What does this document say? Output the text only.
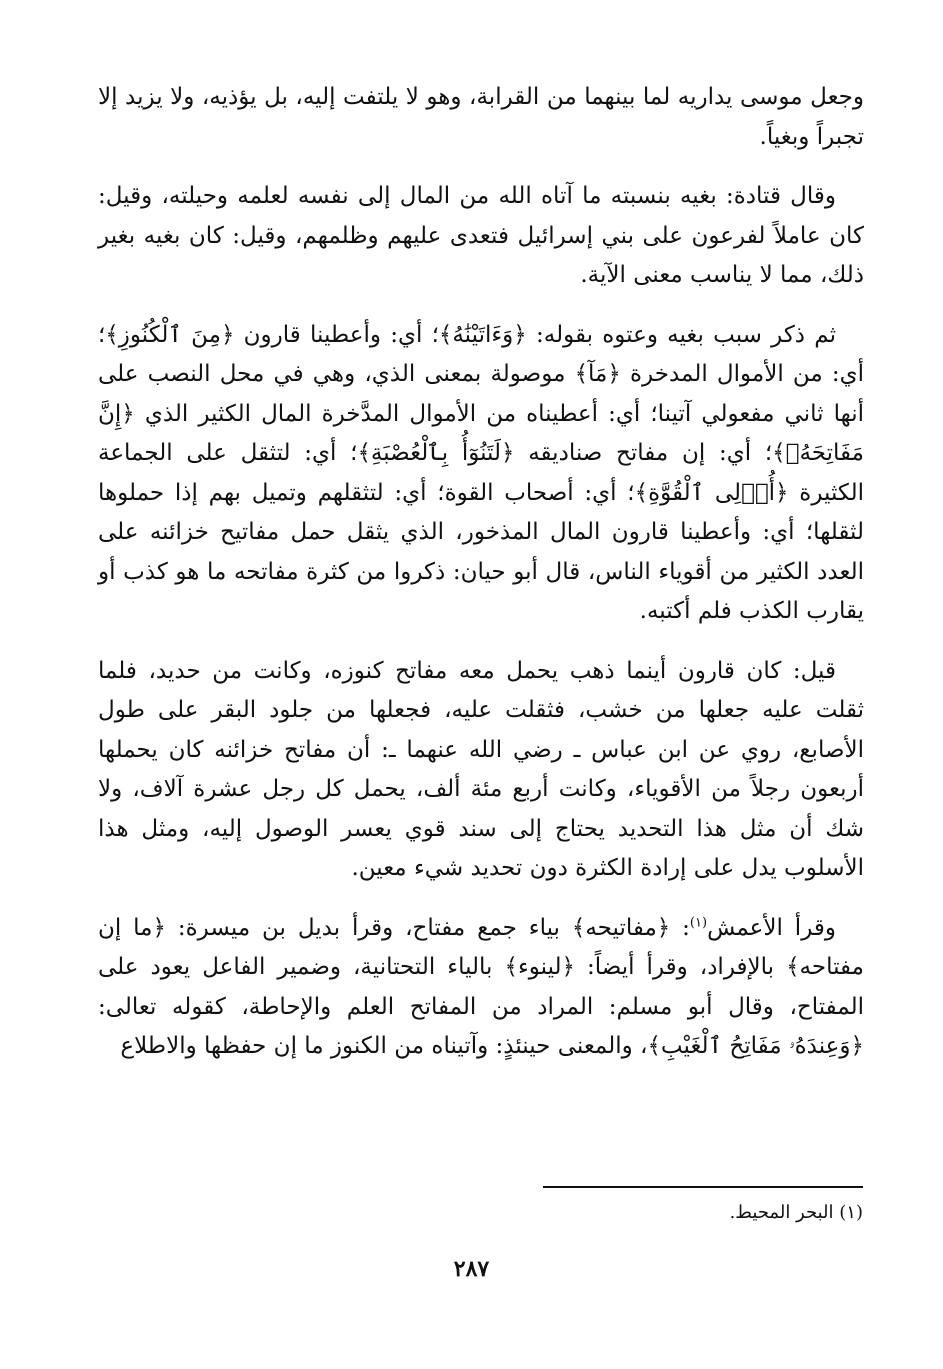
وجعل موسى يداريه لما بينهما من القرابة، وهو لا يلتفت إليه، بل يؤذيه، ولا يزيد إلا تجبراً وبغياً.

وقال قتادة: بغيه بنسبته ما آتاه الله من المال إلى نفسه لعلمه وحيلته، وقيل: كان عاملاً لفرعون على بني إسرائيل فتعدى عليهم وظلمهم، وقيل: كان بغيه بغير ذلك، مما لا يناسب معنى الآية.

ثم ذكر سبب بغيه وعتوه بقوله: ﴿وَءَاتَيْنَٰهُ﴾؛ أي: وأعطينا قارون ﴿مِنَ ٱلْكُنُوزِ﴾؛ أي: من الأموال المدخرة ﴿مَآ﴾ موصولة بمعنى الذي، وهي في محل النصب على أنها ثاني مفعولي آتينا؛ أي: أعطيناه من الأموال المدَّخرة المال الكثير الذي ﴿إِنَّ مَفَاتِحَهُۥ﴾؛ أي: إن مفاتح صناديقه ﴿لَتَنُوٓأُ بِٱلْعُصْبَةِ﴾؛ أي: لتثقل على الجماعة الكثيرة ﴿أُو۟لِى ٱلْقُوَّةِ﴾؛ أي: أصحاب القوة؛ أي: لتثقلهم وتميل بهم إذا حملوها لثقلها؛ أي: وأعطينا قارون المال المذخور، الذي يثقل حمل مفاتيح خزائنه على العدد الكثير من أقوياء الناس، قال أبو حيان: ذكروا من كثرة مفاتحه ما هو كذب أو يقارب الكذب فلم أكتبه.

قيل: كان قارون أينما ذهب يحمل معه مفاتح كنوزه، وكانت من حديد، فلما ثقلت عليه جعلها من خشب، فثقلت عليه، فجعلها من جلود البقر على طول الأصابع، روي عن ابن عباس ـ رضي الله عنهما ـ: أن مفاتح خزائنه كان يحملها أربعون رجلاً من الأقوياء، وكانت أربع مئة ألف، يحمل كل رجل عشرة آلاف، ولا شك أن مثل هذا التحديد يحتاج إلى سند قوي يعسر الوصول إليه، ومثل هذا الأسلوب يدل على إرادة الكثرة دون تحديد شيء معين.

وقرأ الأعمش$^{(١)}$: ﴿مفاتيحه﴾ بياء جمع مفتاح، وقرأ بديل بن ميسرة: ﴿ما إن مفتاحه﴾ بالإفراد، وقرأ أيضاً: ﴿لينوء﴾ بالياء التحتانية، وضمير الفاعل يعود على المفتاح، وقال أبو مسلم: المراد من المفاتح العلم والإحاطة، كقوله تعالى: ﴿وَعِندَهُۥ مَفَاتِحُ ٱلْغَيْبِ﴾، والمعنى حينئذٍ: وآتيناه من الكنوز ما إن حفظها والاطلاع

(١) البحر المحيط.
٢٨٧
